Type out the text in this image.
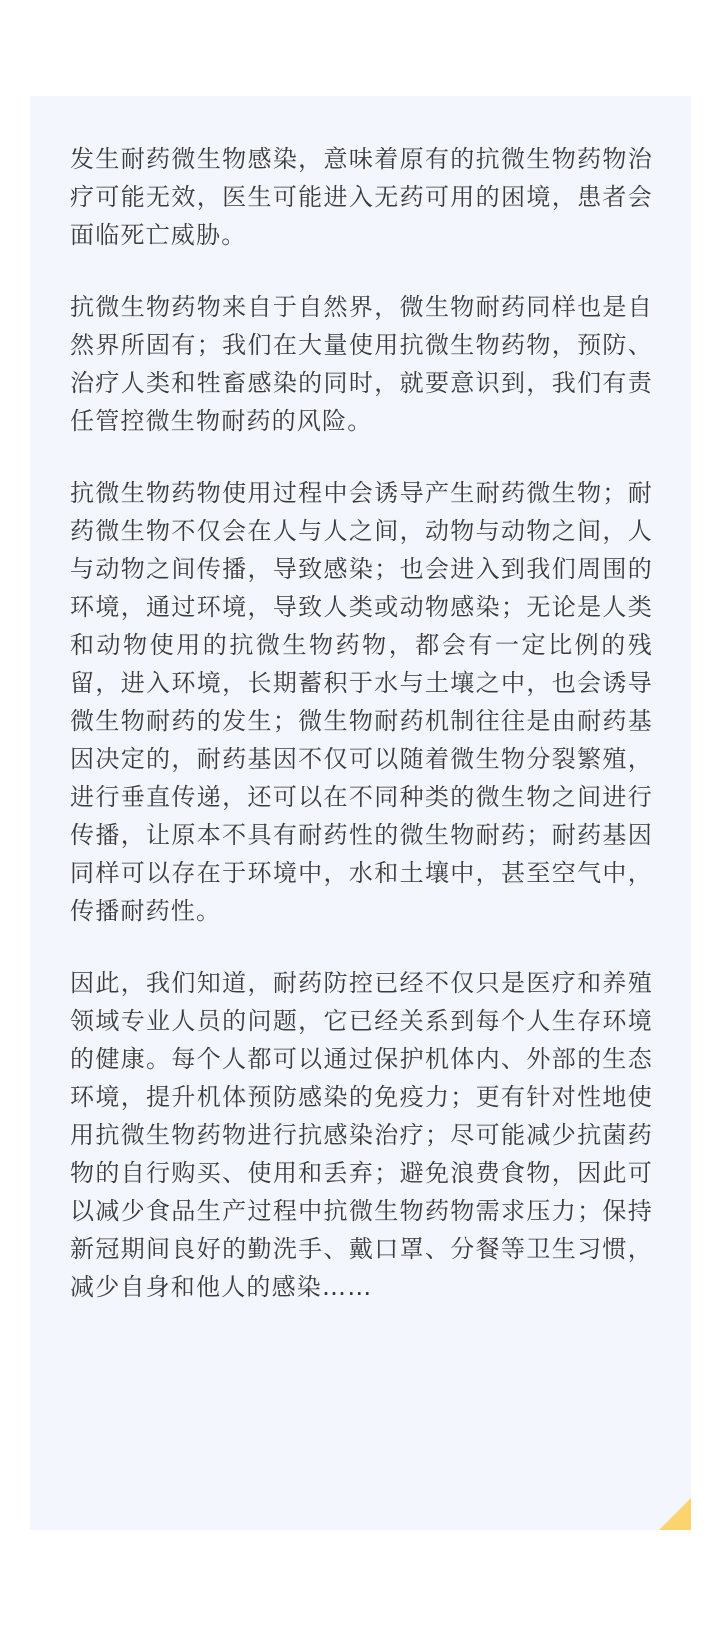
发生耐药微生物感染，意味着原有的抗微生物药物治疗可能无效，医生可能进入无药可用的困境，患者会面临死亡威胁。

抗微生物药物来自于自然界，微生物耐药同样也是自然界所固有；我们在大量使用抗微生物药物，预防、治疗人类和牲畜感染的同时，就要意识到，我们有责任管控微生物耐药的风险。

抗微生物药物使用过程中会诱导产生耐药微生物；耐药微生物不仅会在人与人之间，动物与动物之间，人与动物之间传播，导致感染；也会进入到我们周围的环境，通过环境，导致人类或动物感染；无论是人类和动物使用的抗微生物药物，都会有一定比例的残留，进入环境，长期蓄积于水与土壤之中，也会诱导微生物耐药的发生；微生物耐药机制往往是由耐药基因决定的，耐药基因不仅可以随着微生物分裂繁殖，进行垂直传递，还可以在不同种类的微生物之间进行传播，让原本不具有耐药性的微生物耐药；耐药基因同样可以存在于环境中，水和土壤中，甚至空气中，传播耐药性。

因此，我们知道，耐药防控已经不仅只是医疗和养殖领域专业人员的问题，它已经关系到每个人生存环境的健康。每个人都可以通过保护机体内、外部的生态环境，提升机体预防感染的免疫力；更有针对性地使用抗微生物药物进行抗感染治疗；尽可能减少抗菌药物的自行购买、使用和丢弃；避免浪费食物，因此可以减少食品生产过程中抗微生物药物需求压力；保持新冠期间良好的勤洗手、戴口罩、分餐等卫生习惯，减少自身和他人的感染……
